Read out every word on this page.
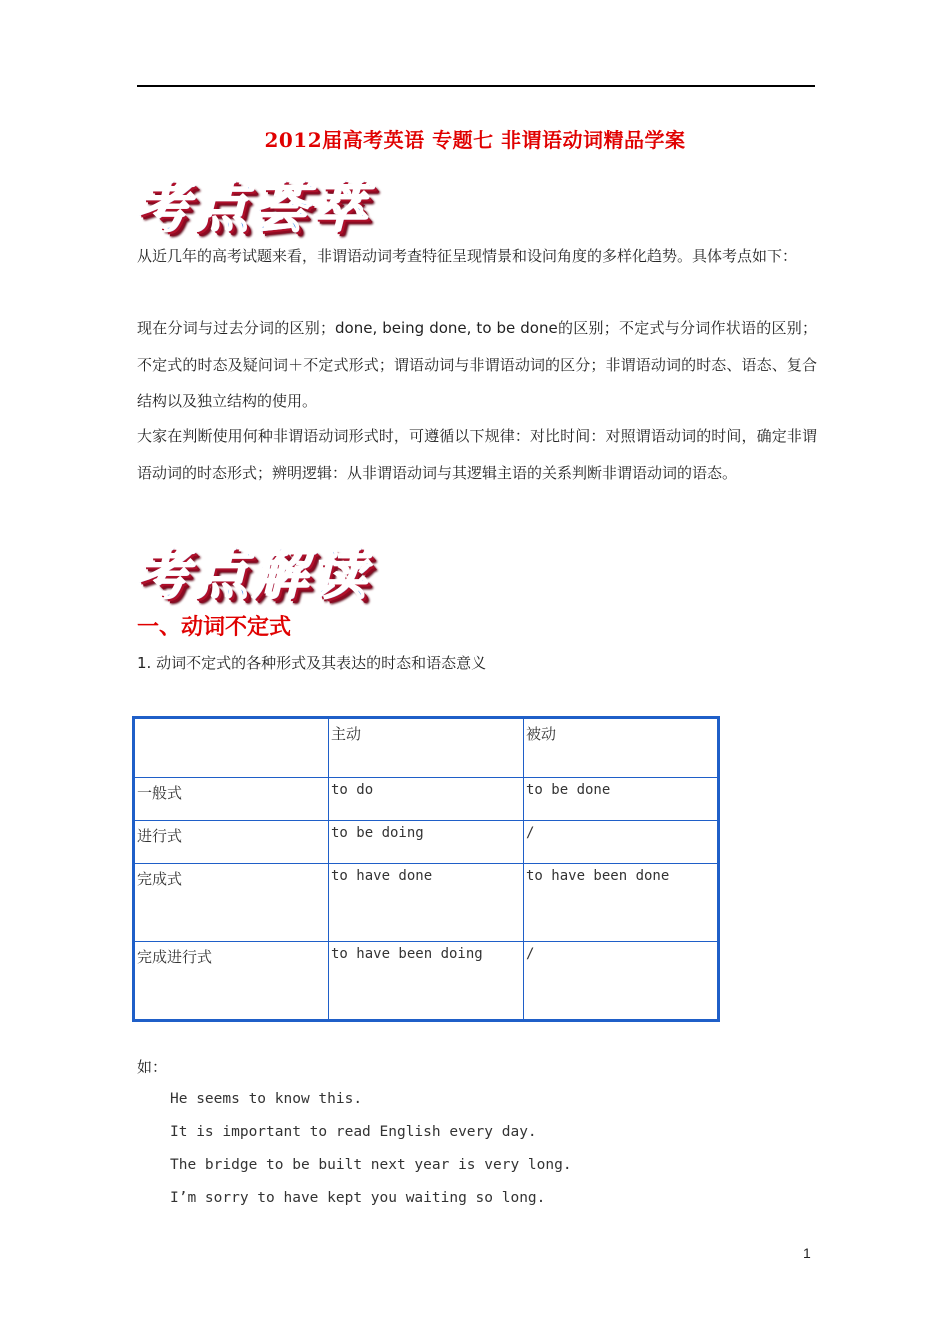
2012届高考英语 专题七 非谓语动词精品学案
考点荟萃
从近几年的高考试题来看，非谓语动词考查特征呈现情景和设问角度的多样化趋势。具体考点如下：
现在分词与过去分词的区别；done, being done, to be done的区别；不定式与分词作状语的区别；不定式的时态及疑问词＋不定式形式；谓语动词与非谓语动词的区分；非谓语动词的时态、语态、复合结构以及独立结构的使用。
大家在判断使用何种非谓语动词形式时，可遵循以下规律：对比时间：对照谓语动词的时间，确定非谓语动词的时态形式；辨明逻辑：从非谓语动词与其逻辑主语的关系判断非谓语动词的语态。
考点解读
一、动词不定式
1. 动词不定式的各种形式及其表达的时态和语态意义
	主动	被动
一般式	to do	to be done
进行式	to be doing	/
完成式	to have done	to have been done
完成进行式	to have been doing	/
如：
He seems to know this.
It is important to read English every day.
The bridge to be built next year is very long.
I’m sorry to have kept you waiting so long.
1
